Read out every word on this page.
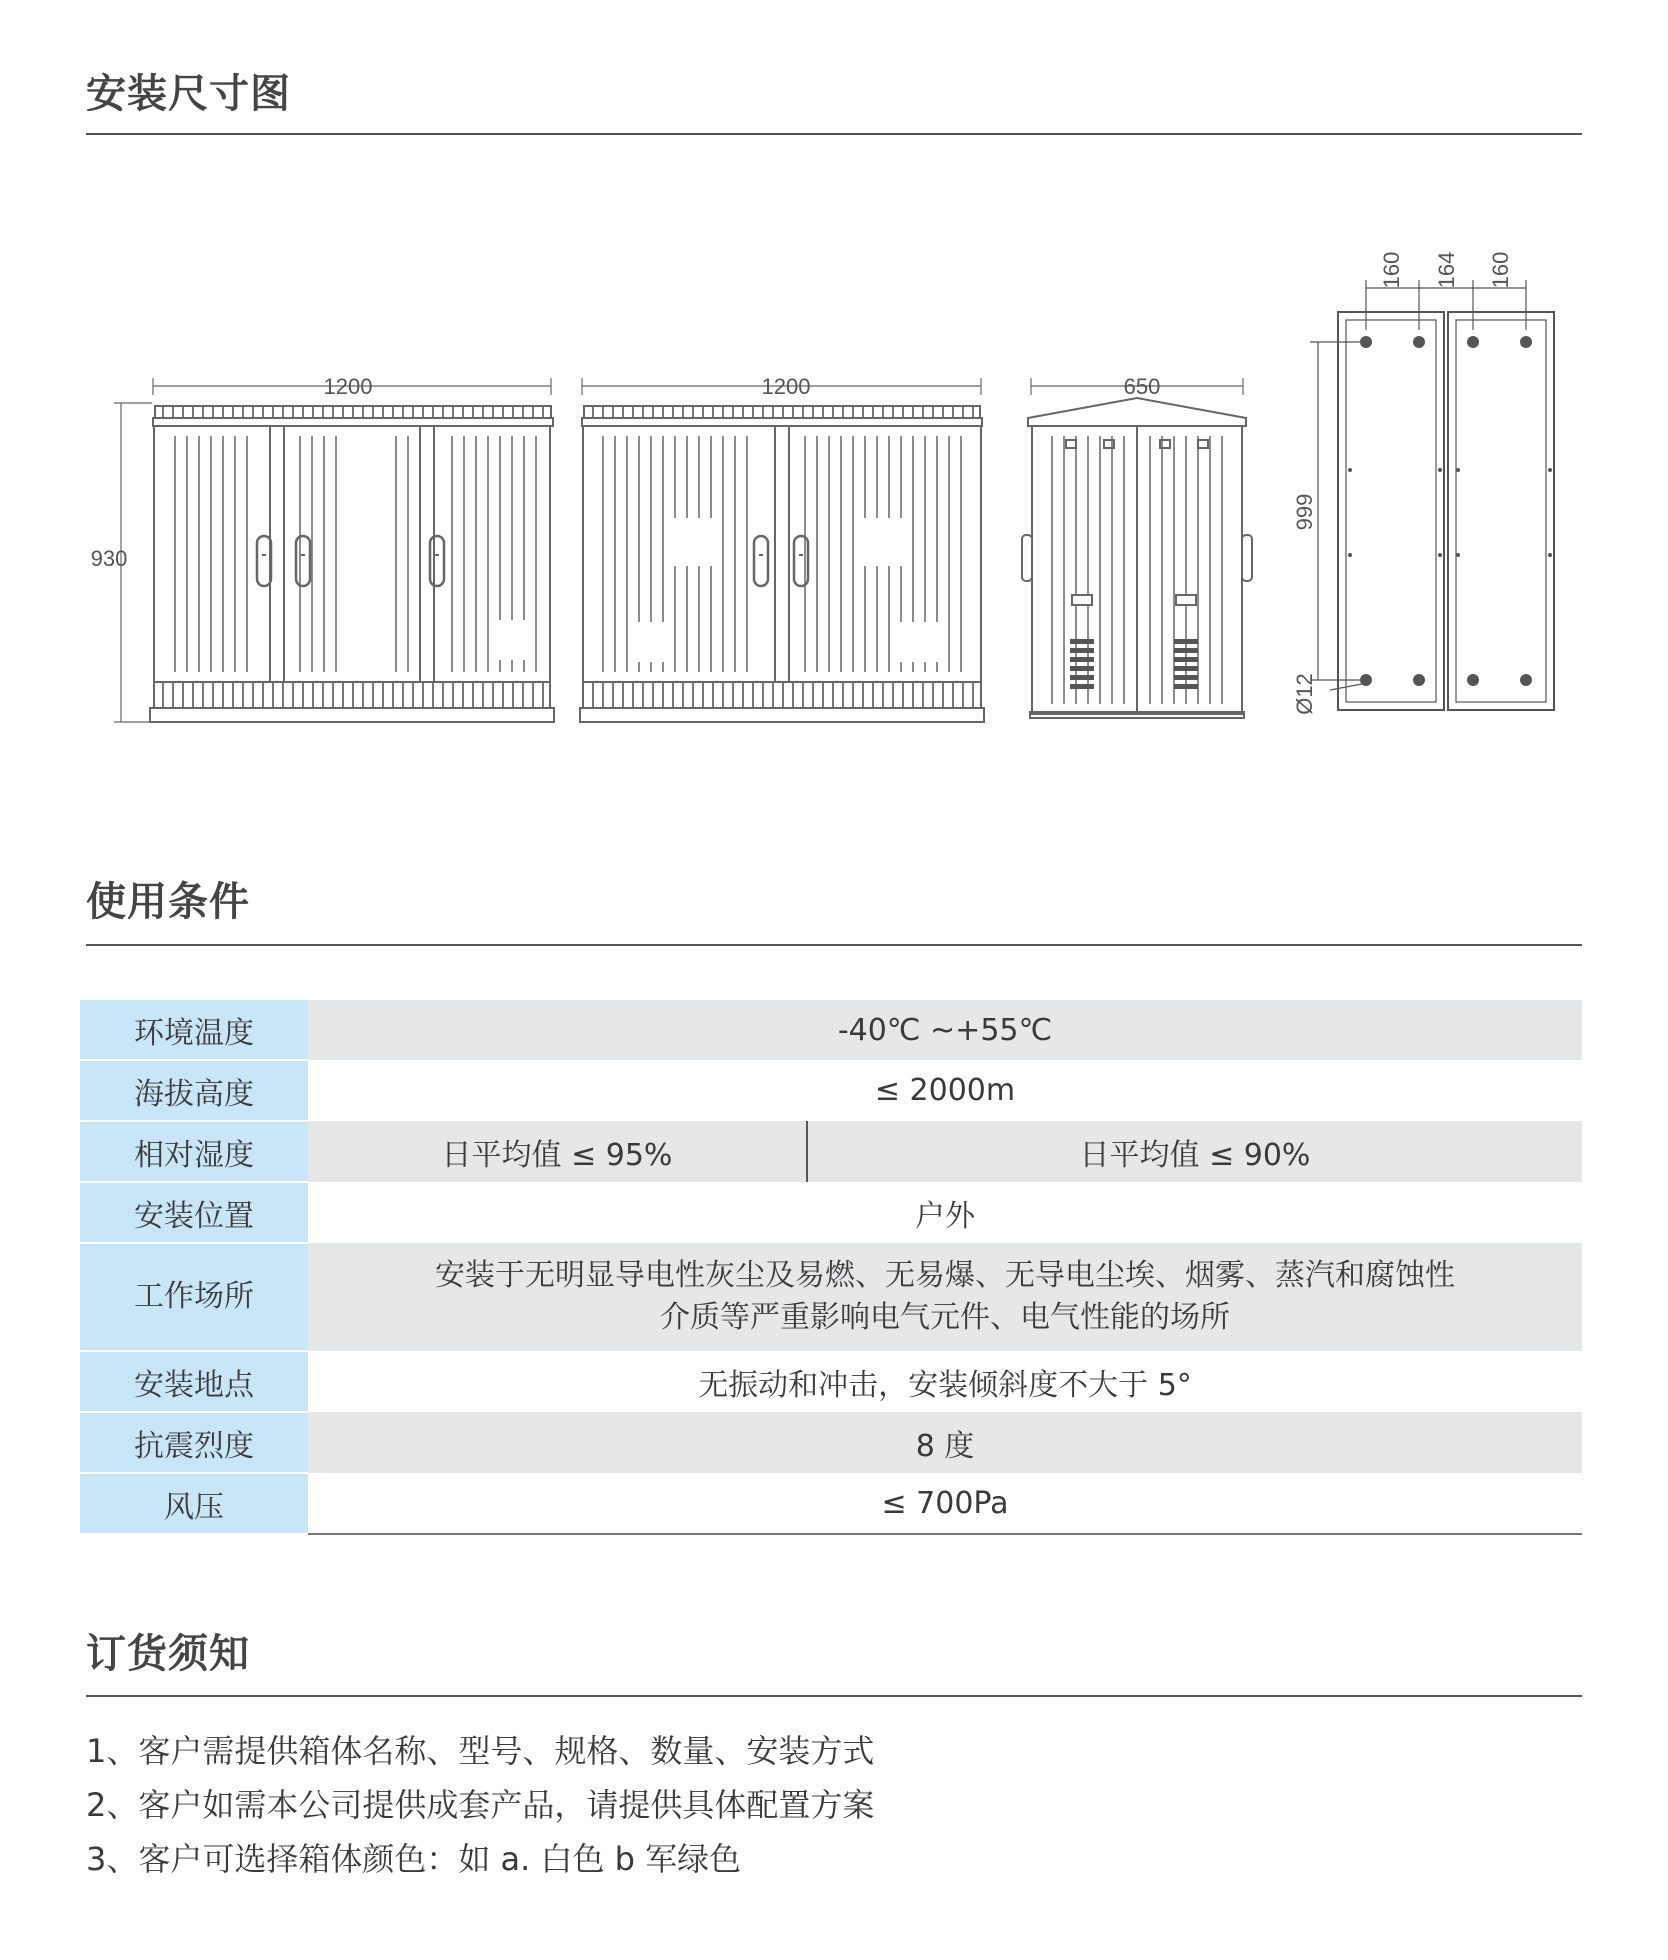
安装尺寸图
使用条件
订货须知
1200	1200	650
930
999
160 164 160
Ø12
环境温度	-40℃ ~+55℃	
海拔高度	≤ 2000m	
相对湿度	日平均值 ≤ 95%	日平均值 ≤ 90%
安装位置	户外	
工作场所	安装于无明显导电性灰尘及易燃、无易爆、无导电尘埃、烟雾、蒸汽和腐蚀性
介质等严重影响电气元件、电气性能的场所	

安装地点	无振动和冲击，安装倾斜度不大于 5°	
抗震烈度	8 度	
风压	≤ 700Pa	
1、客户需提供箱体名称、型号、规格、数量、安装方式
2、客户如需本公司提供成套产品，请提供具体配置方案
3、客户可选择箱体颜色：如 a. 白色 b 军绿色
